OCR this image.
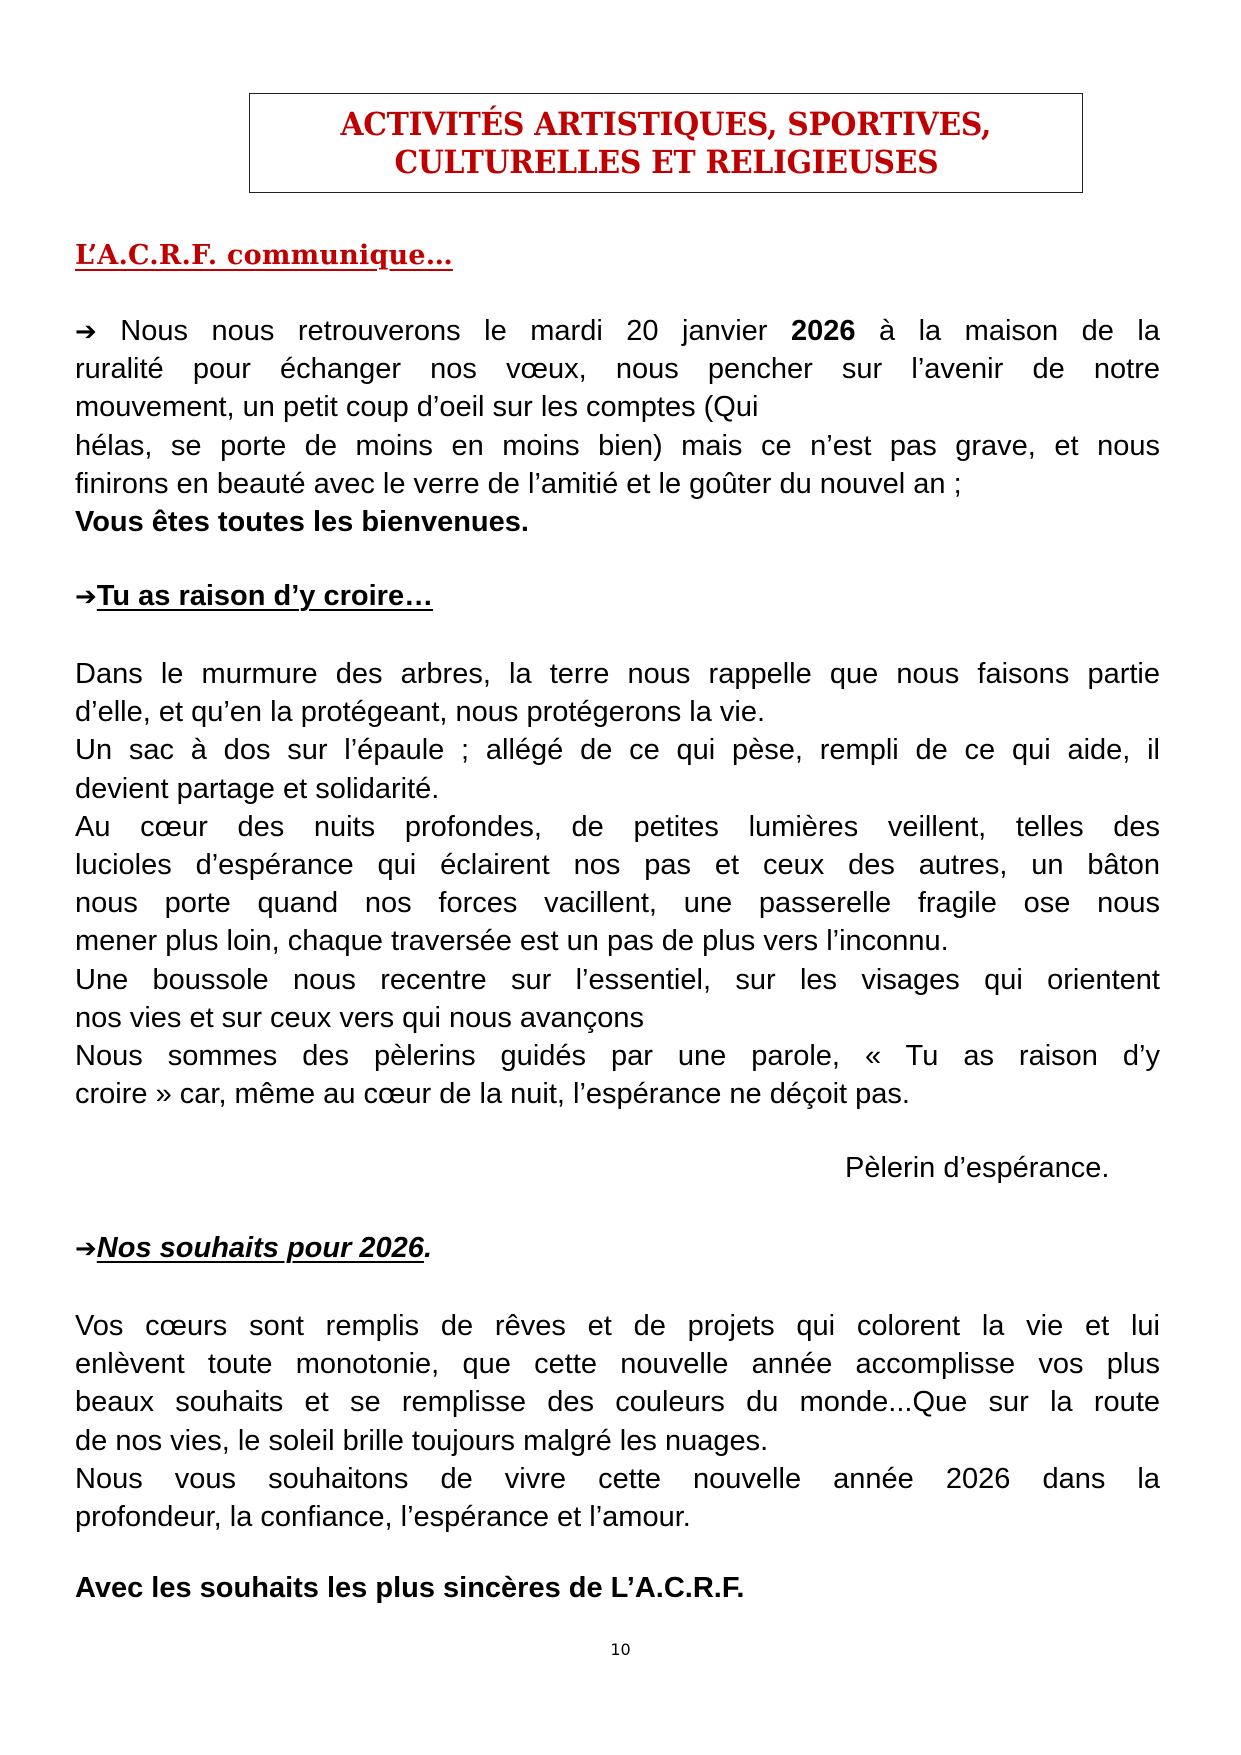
ACTIVITÉS ARTISTIQUES, SPORTIVES,
CULTURELLES ET RELIGIEUSES
L’A.C.R.F. communique…
➔ Nous nous retrouverons le mardi 20 janvier 2026 à la maison de la
ruralité pour échanger nos vœux, nous pencher sur l’avenir de notre
mouvement, un petit coup d’oeil sur les comptes (Qui
hélas, se porte de moins en moins bien) mais ce n’est pas grave, et nous
finirons en beauté avec le verre de l’amitié et le goûter du nouvel an ;
Vous êtes toutes les bienvenues.
➔Tu as raison d’y croire…
Dans le murmure des arbres, la terre nous rappelle que nous faisons partie
d’elle, et qu’en la protégeant, nous protégerons la vie.
Un sac à dos sur l’épaule ; allégé de ce qui pèse, rempli de ce qui aide, il
devient partage et solidarité.
Au cœur des nuits profondes, de petites lumières veillent, telles des
lucioles d’espérance qui éclairent nos pas et ceux des autres, un bâton
nous porte quand nos forces vacillent, une passerelle fragile ose nous
mener plus loin, chaque traversée est un pas de plus vers l’inconnu.
Une boussole nous recentre sur l’essentiel, sur les visages qui orientent
nos vies et sur ceux vers qui nous avançons
Nous sommes des pèlerins guidés par une parole, « Tu as raison d’y
croire » car, même au cœur de la nuit, l’espérance ne déçoit pas.
Pèlerin d’espérance.
➔Nos souhaits pour 2026.
Vos cœurs sont remplis de rêves et de projets qui colorent la vie et lui
enlèvent toute monotonie, que cette nouvelle année accomplisse vos plus
beaux souhaits et se remplisse des couleurs du monde...Que sur la route
de nos vies, le soleil brille toujours malgré les nuages.
Nous vous souhaitons de vivre cette nouvelle année 2026 dans la
profondeur, la confiance, l’espérance et l’amour.
Avec les souhaits les plus sincères de L’A.C.R.F.
10
